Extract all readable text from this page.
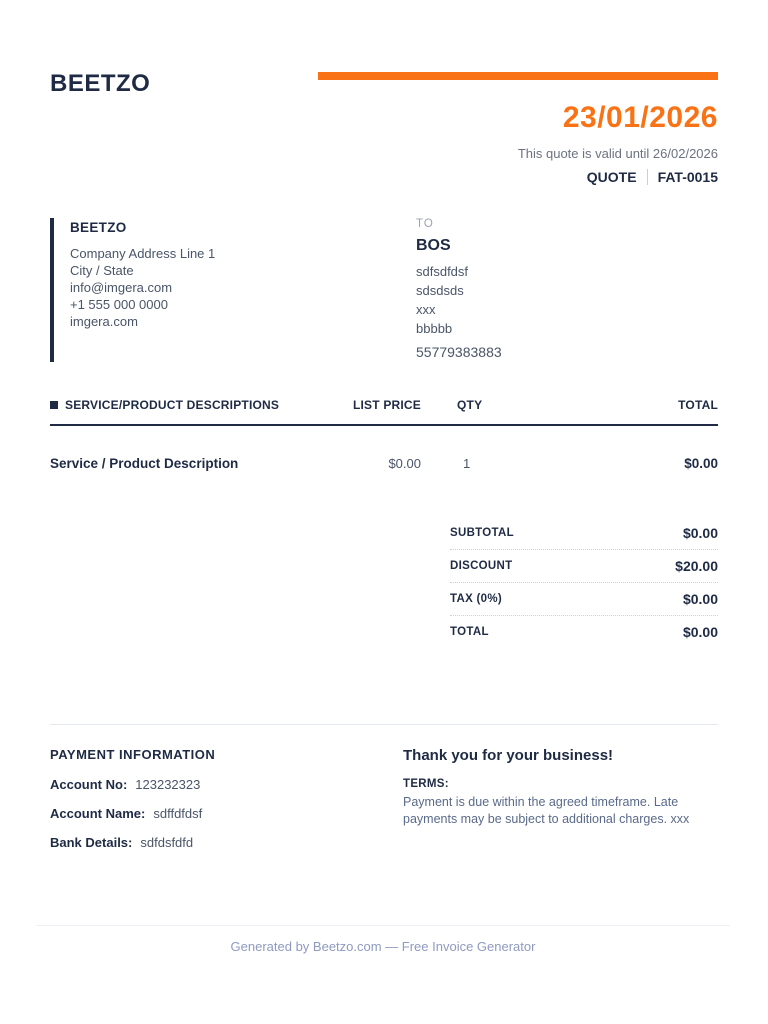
BEETZO
23/01/2026
This quote is valid until 26/02/2026
QUOTE FAT-0015
BEETZO
Company Address Line 1
City / State
info@imgera.com
+1 555 000 0000
imgera.com
TO
BOS
sdfsdfdsf
sdsdsds
xxx
bbbbb
55779383883
SERVICE/PRODUCT DESCRIPTIONS	LIST PRICE	QTY	TOTAL
Service / Product Description	$0.00	1	$0.00
SUBTOTAL	$0.00
DISCOUNT	$20.00
TAX (0%)	$0.00
TOTAL	$0.00
PAYMENT INFORMATION
Account No: 123232323
Account Name: sdffdfdsf
Bank Details: sdfdsfdfd
Thank you for your business!
TERMS:
Payment is due within the agreed timeframe. Late payments may be subject to additional charges. xxx
Generated by Beetzo.com — Free Invoice Generator
